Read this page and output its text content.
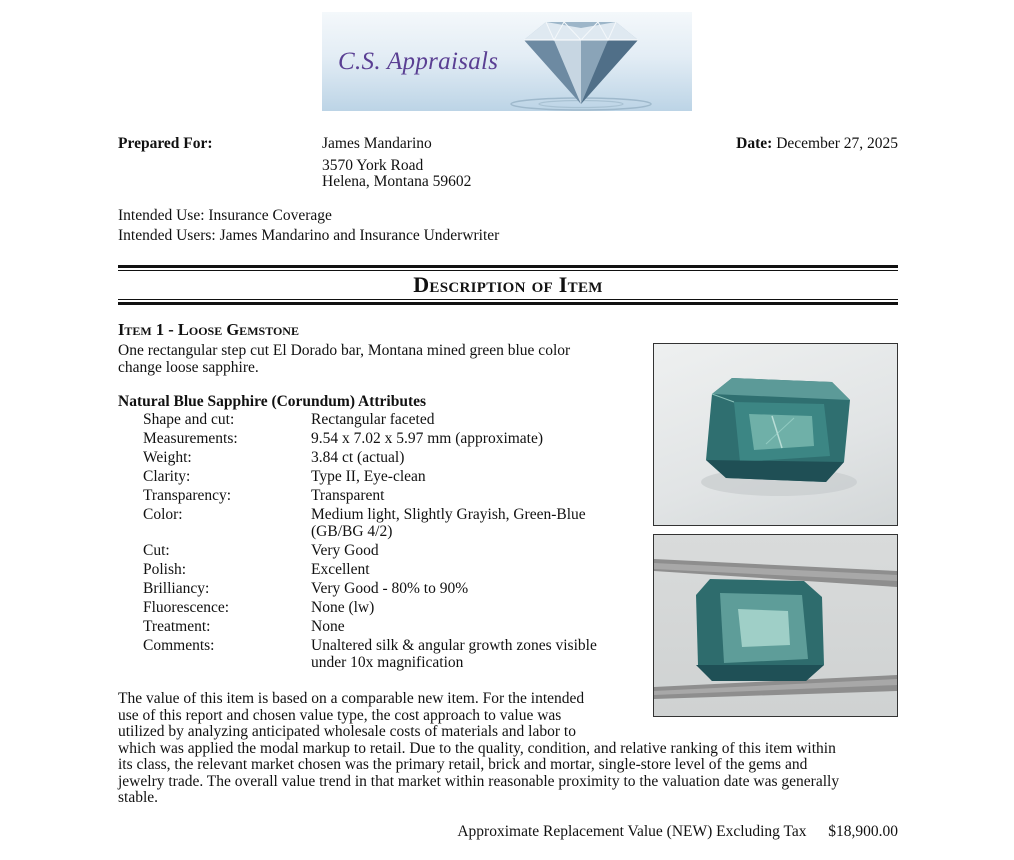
C.S. Appraisals
Prepared For:	James Mandarino
3570 York Road
Helena, Montana 59602
Date: December 27, 2025
Intended Use: Insurance Coverage
Intended Users: James Mandarino and Insurance Underwriter
Description of Item
Item 1 - Loose Gemstone
One rectangular step cut El Dorado bar, Montana mined green blue color
change loose sapphire.
Natural Blue Sapphire (Corundum) Attributes
Shape and cut:	Rectangular faceted
Measurements:	9.54 x 7.02 x 5.97 mm (approximate)
Weight:	3.84 ct (actual)
Clarity:	Type II, Eye-clean
Transparency:	Transparent
Color:	Medium light, Slightly Grayish, Green-Blue (GB/BG 4/2)
Cut:	Very Good
Polish:	Excellent
Brilliancy:	Very Good - 80% to 90%
Fluorescence:	None (lw)
Treatment:	None
Comments:	Unaltered silk & angular growth zones visible under 10x magnification
The value of this item is based on a comparable new item. For the intended
use of this report and chosen value type, the cost approach to value was
utilized by analyzing anticipated wholesale costs of materials and labor to
which was applied the modal markup to retail. Due to the quality, condition, and relative ranking of this item within
its class, the relevant market chosen was the primary retail, brick and mortar, single-store level of the gems and
jewelry trade. The overall value trend in that market within reasonable proximity to the valuation date was generally
stable.
Approximate Replacement Value (NEW) Excluding Tax $18,900.00
